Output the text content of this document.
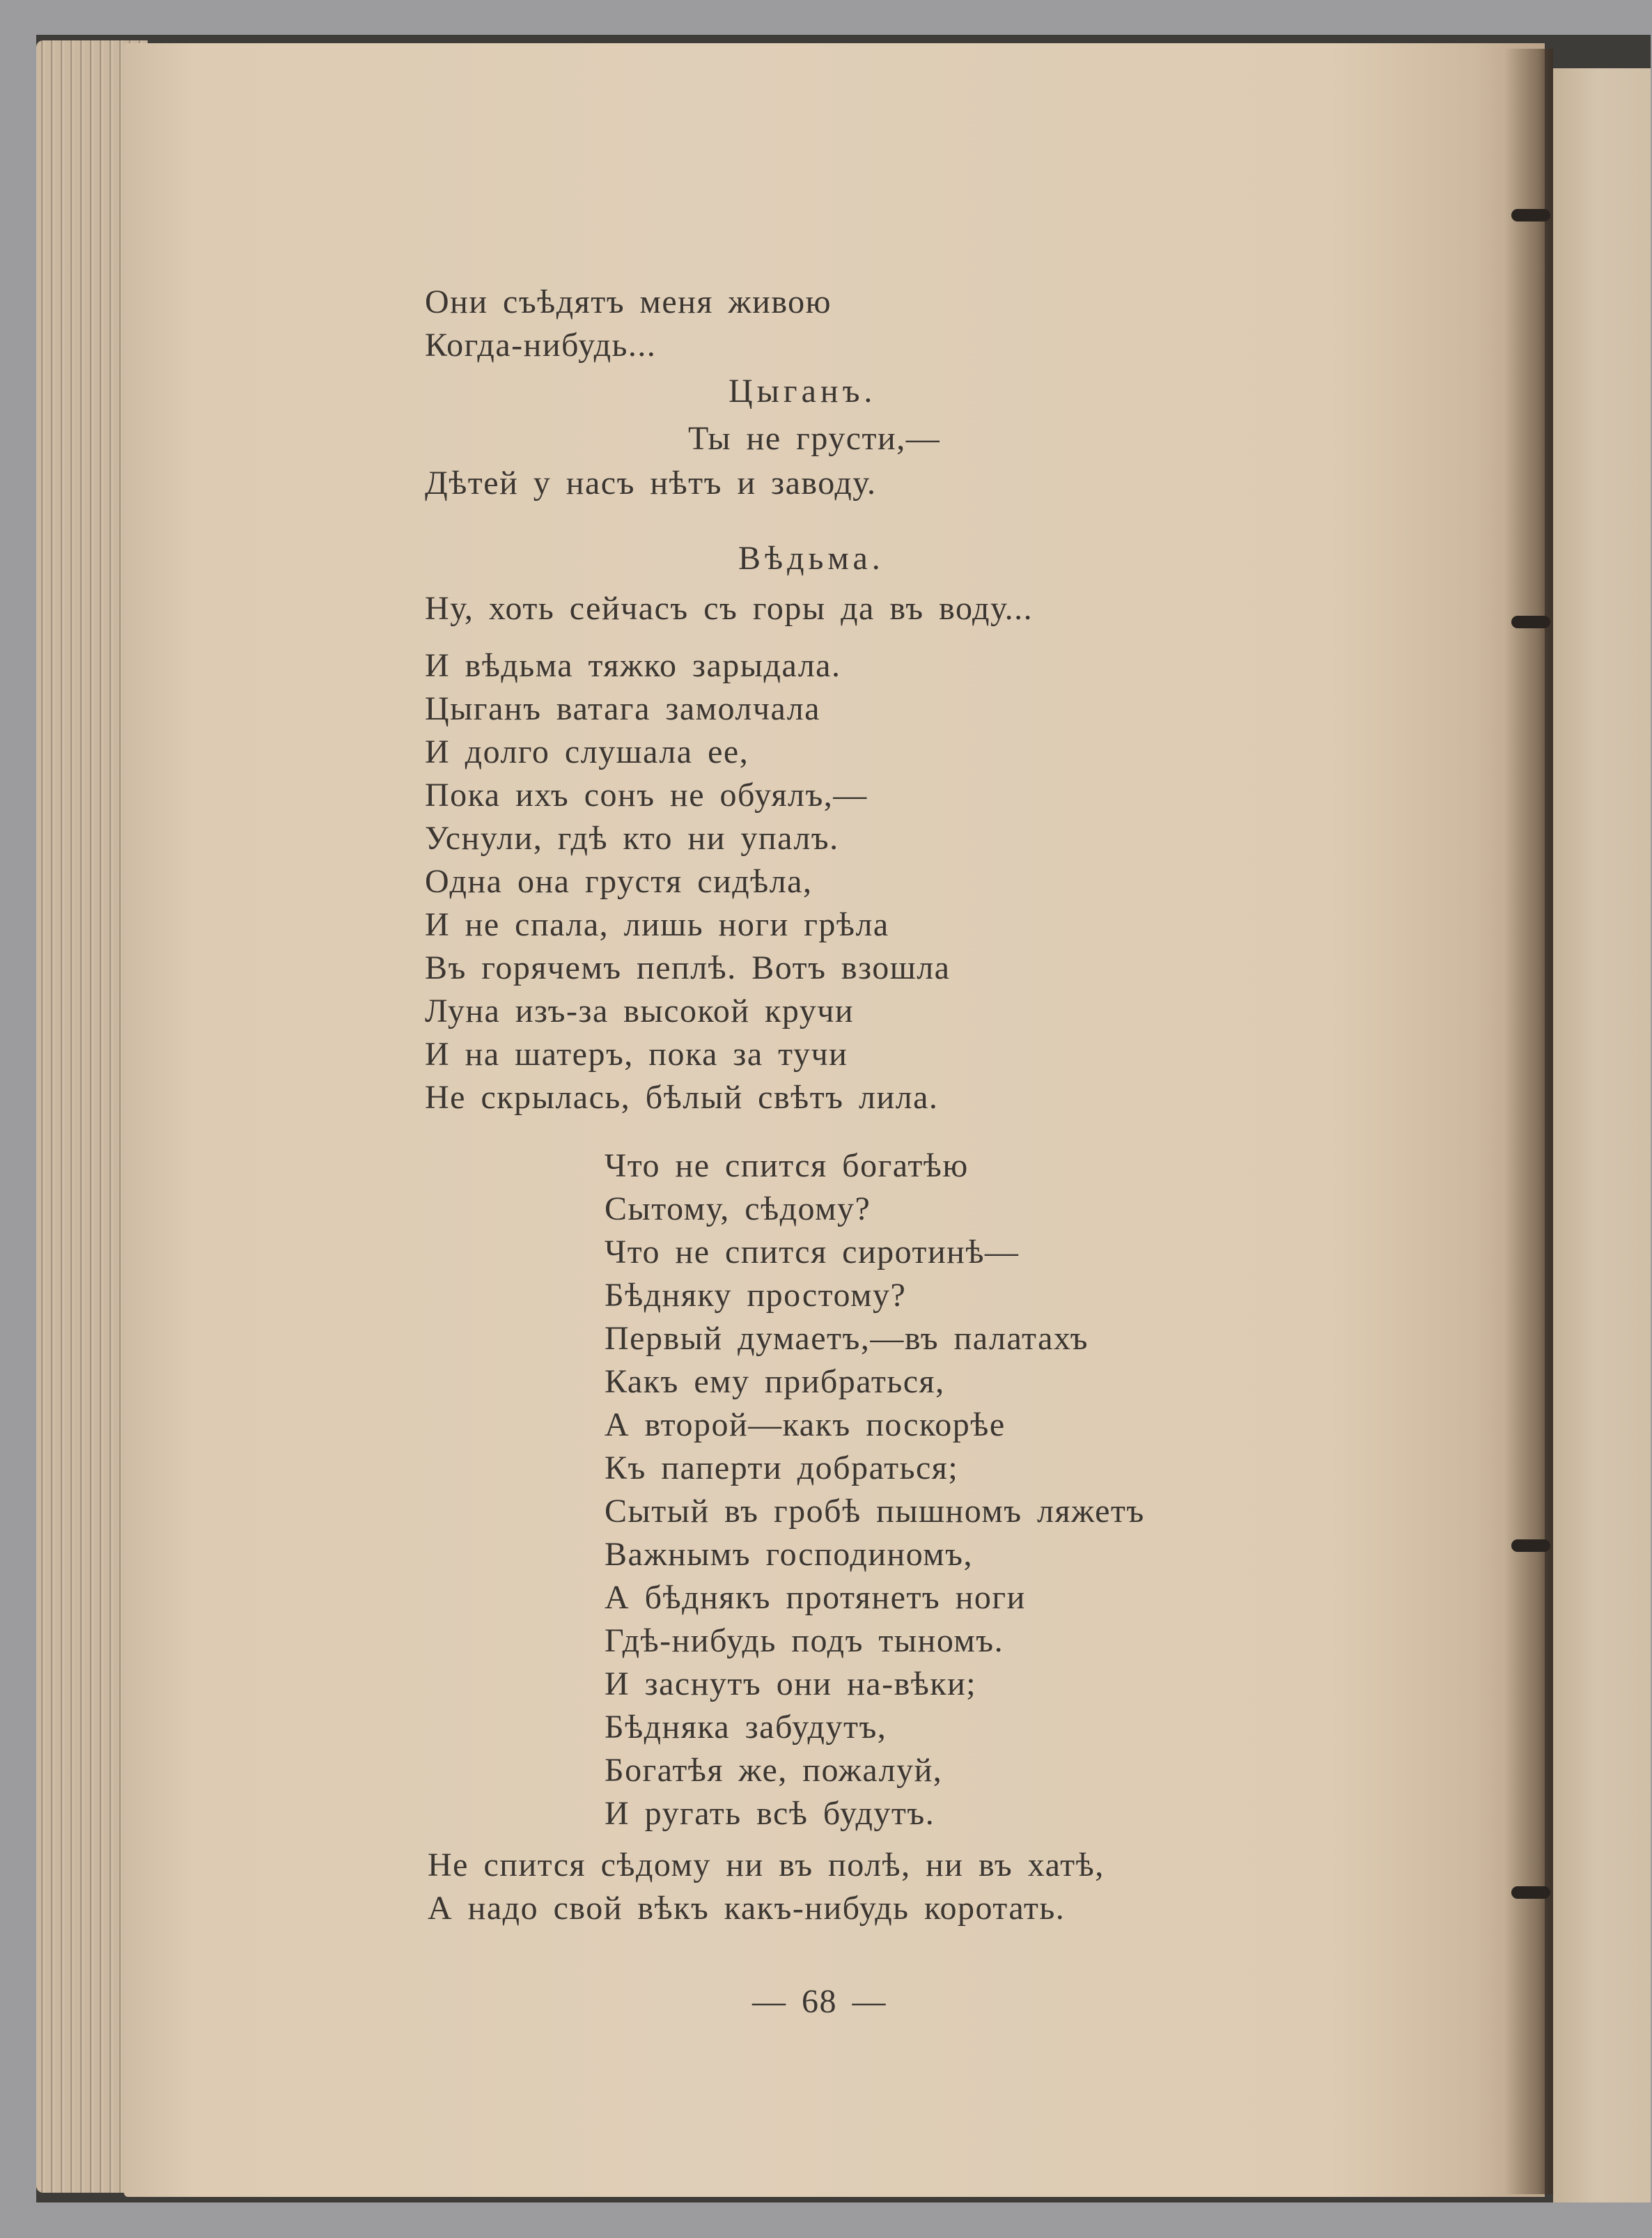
Они съѣдятъ меня живою
Когда-нибудь...
Цыганъ.
Ты не грусти,—
Дѣтей у насъ нѣтъ и заводу.
Вѣдьма.
Ну, хоть сейчасъ съ горы да въ воду...
И вѣдьма тяжко зарыдала.
Цыганъ ватага замолчала
И долго слушала ее,
Пока ихъ сонъ не обуялъ,—
Уснули, гдѣ кто ни упалъ.
Одна она грустя сидѣла,
И не спала, лишь ноги грѣла
Въ горячемъ пеплѣ. Вотъ взошла
Луна изъ-за высокой кручи
И на шатеръ, пока за тучи
Не скрылась, бѣлый свѣтъ лила.
Что не спится богатѣю
Сытому, сѣдому?
Что не спится сиротинѣ—
Бѣдняку простому?
Первый думаетъ,—въ палатахъ
Какъ ему прибраться,
А второй—какъ поскорѣе
Къ паперти добраться;
Сытый въ гробѣ пышномъ ляжетъ
Важнымъ господиномъ,
А бѣднякъ протянетъ ноги
Гдѣ-нибудь подъ тыномъ.
И заснутъ они на-вѣки;
Бѣдняка забудутъ,
Богатѣя же, пожалуй,
И ругать всѣ будутъ.
Не спится сѣдому ни въ полѣ, ни въ хатѣ,
А надо свой вѣкъ какъ-нибудь коротать.
— 68 —
